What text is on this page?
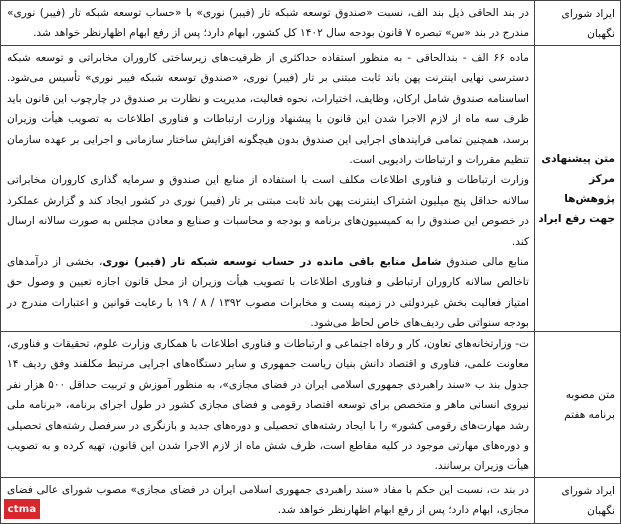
ایراد شورای نگهبان

در بند الحاقی ذیل بند الف، نسبت «صندوق توسعه شبکه تار (فیبر) نوری» با «حساب توسعه شبکه تار (فیبر) نوری» مندرج در بند «س» تبصره ۷ قانون بودجه سال ۱۴۰۲ کل کشور، ابهام دارد؛ پس از رفع ابهام اظهارنظر خواهد شد.

متن پیشنهادی مرکز پژوهش‌ها جهت رفع ایراد

ماده ۶۶ الف - بندالحاقی - به منظور استفاده حداکثری از ظرفیت‌های زیرساختی کاروران مخابراتی و توسعه شبکه دسترسی نهایی اینترنت پهن باند ثابت مبتنی بر تار (فیبر) نوری، «صندوق توسعه شبکه فیبر نوری» تأسیس می‌شود. اساسنامه صندوق شامل ارکان، وظایف، اختیارات، نحوه فعالیت، مدیریت و نظارت بر صندوق در چارچوب این قانون باید ظرف سه ماه از لازم الاجرا شدن این قانون با پیشنهاد وزارت ارتباطات و فناوری اطلاعات به تصویب هیأت وزیران برسد، همچنین تمامی فرایندهای اجرایی این صندوق بدون هیچگونه افزایش ساختار سازمانی و اجرایی بر عهده سازمان تنظیم مقررات و ارتباطات رادیویی است.

وزارت ارتباطات و فناوری اطلاعات مکلف است با استفاده از منابع این صندوق و سرمایه گذاری کاروران مخابراتی سالانه حداقل پنج میلیون اشتراک اینترنت پهن باند ثابت مبتنی بر تار (فیبر) نوری در کشور ایجاد کند و گزارش عملکرد در خصوص این صندوق را به کمیسیون‌های برنامه و بودجه و محاسبات و صنایع و معادن مجلس به صورت سالانه ارسال کند.

منابع مالی صندوق شامل منابع باقی مانده در حساب توسعه شبکه تار (فیبر) نوری، بخشی از درآمدهای تاخالص سالانه کاروران ارتباطی و فناوری اطلاعات با تصویب هیأت وزیران از محل قانون اجازه تعیین و وصول حق امتیاز فعالیت بخش غیردولتی در زمینه پست و مخابرات مصوب ۱۳۹۲ / ۸ / ۱۹ با رعایت قوانین و اعتبارات مندرج در بودجه سنواتی طی ردیف‌های خاص لحاظ می‌شود.

متن مصوبه برنامه هفتم

ت- وزارتخانه‌های تعاون، کار و رفاه اجتماعی و ارتباطات و فناوری اطلاعات با همکاری وزارت علوم، تحقیقات و فناوری، معاونت علمی، فناوری و اقتصاد دانش بنیان ریاست جمهوری و سایر دستگاه‌های اجرایی مرتبط مکلفند وفق ردیف ۱۴ جدول بند ب «سند راهبردی جمهوری اسلامی ایران در فضای مجازی»، به منظور آموزش و تربیت حداقل ۵۰۰ هزار نفر نیروی انسانی ماهر و متخصص برای توسعه اقتصاد رقومی و فضای مجازی کشور در طول اجرای برنامه، «برنامه ملی رشد مهارت‌های رقومی کشور» را با ایجاد رشته‌های تحصیلی و دوره‌های جدید و بازنگری در سرفصل رشته‌های تحصیلی و دوره‌های مهارتی موجود در کلیه مقاطع است، ظرف شش ماه از لازم الاجرا شدن این قانون، تهیه کرده و به تصویب هیأت وزیران برسانند.

ایراد شورای نگهبان

در بند ت، نسبت این حکم با مفاد «سند راهبردی جمهوری اسلامی ایران در فضای مجازی» مصوب شورای عالی فضای مجازی، ابهام دارد؛ پس از رفع ابهام اظهارنظر خواهد شد.

ctma
